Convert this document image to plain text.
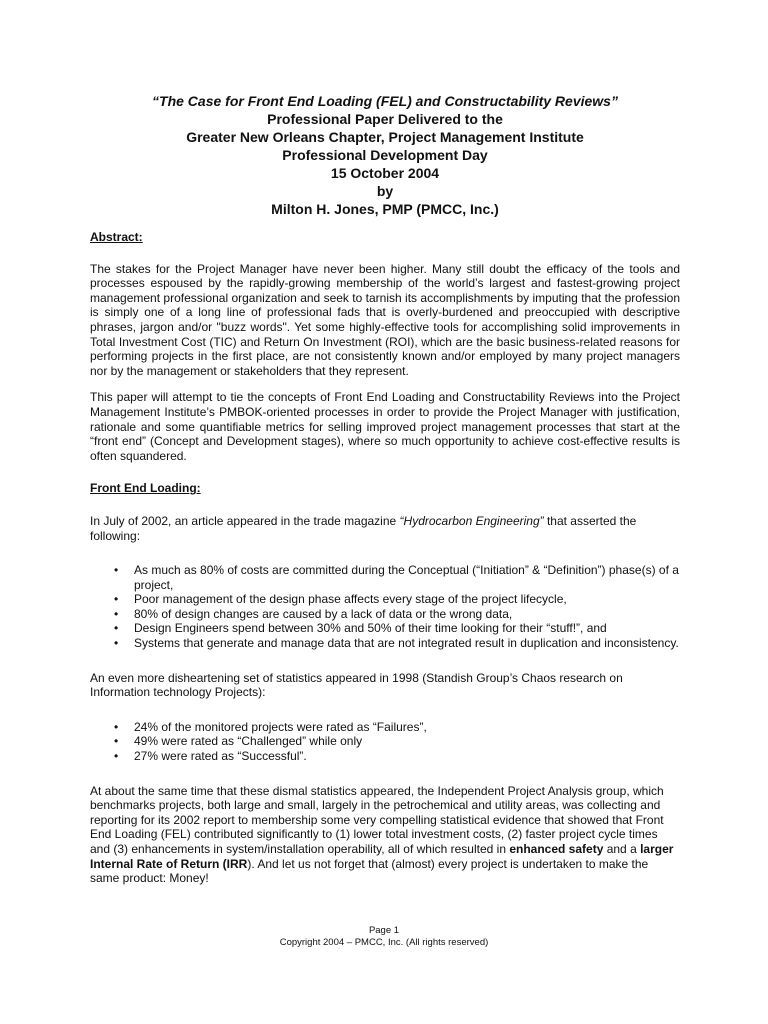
“The Case for Front End Loading (FEL) and Constructability Reviews”
Professional Paper Delivered to the
Greater New Orleans Chapter, Project Management Institute
Professional Development Day
15 October 2004
by
Milton H. Jones, PMP (PMCC, Inc.)
Abstract:

The stakes for the Project Manager have never been higher. Many still doubt the efficacy of the tools and processes espoused by the rapidly-growing membership of the world’s largest and fastest-growing project management professional organization and seek to tarnish its accomplishments by imputing that the profession is simply one of a long line of professional fads that is overly-burdened and preoccupied with descriptive phrases, jargon and/or "buzz words". Yet some highly-effective tools for accomplishing solid improvements in Total Investment Cost (TIC) and Return On Investment (ROI), which are the basic business-related reasons for performing projects in the first place, are not consistently known and/or employed by many project managers nor by the management or stakeholders that they represent.

This paper will attempt to tie the concepts of Front End Loading and Constructability Reviews into the Project Management Institute’s PMBOK-oriented processes in order to provide the Project Manager with justification, rationale and some quantifiable metrics for selling improved project management processes that start at the “front end” (Concept and Development stages), where so much opportunity to achieve cost-effective results is often squandered.

Front End Loading:

In July of 2002, an article appeared in the trade magazine “Hydrocarbon Engineering” that asserted the following:

• As much as 80% of costs are committed during the Conceptual (“Initiation” & “Definition”) phase(s) of a project,
• Poor management of the design phase affects every stage of the project lifecycle,
• 80% of design changes are caused by a lack of data or the wrong data,
• Design Engineers spend between 30% and 50% of their time looking for their “stuff!”, and
• Systems that generate and manage data that are not integrated result in duplication and inconsistency.

An even more disheartening set of statistics appeared in 1998 (Standish Group’s Chaos research on Information technology Projects):

• 24% of the monitored projects were rated as “Failures”,
• 49% were rated as “Challenged” while only
• 27% were rated as “Successful”.

At about the same time that these dismal statistics appeared, the Independent Project Analysis group, which benchmarks projects, both large and small, largely in the petrochemical and utility areas, was collecting and reporting for its 2002 report to membership some very compelling statistical evidence that showed that Front End Loading (FEL) contributed significantly to (1) lower total investment costs, (2) faster project cycle times and (3) enhancements in system/installation operability, all of which resulted in enhanced safety and a larger Internal Rate of Return (IRR). And let us not forget that (almost) every project is undertaken to make the same product: Money!

Page 1
Copyright 2004 – PMCC, Inc. (All rights reserved)
